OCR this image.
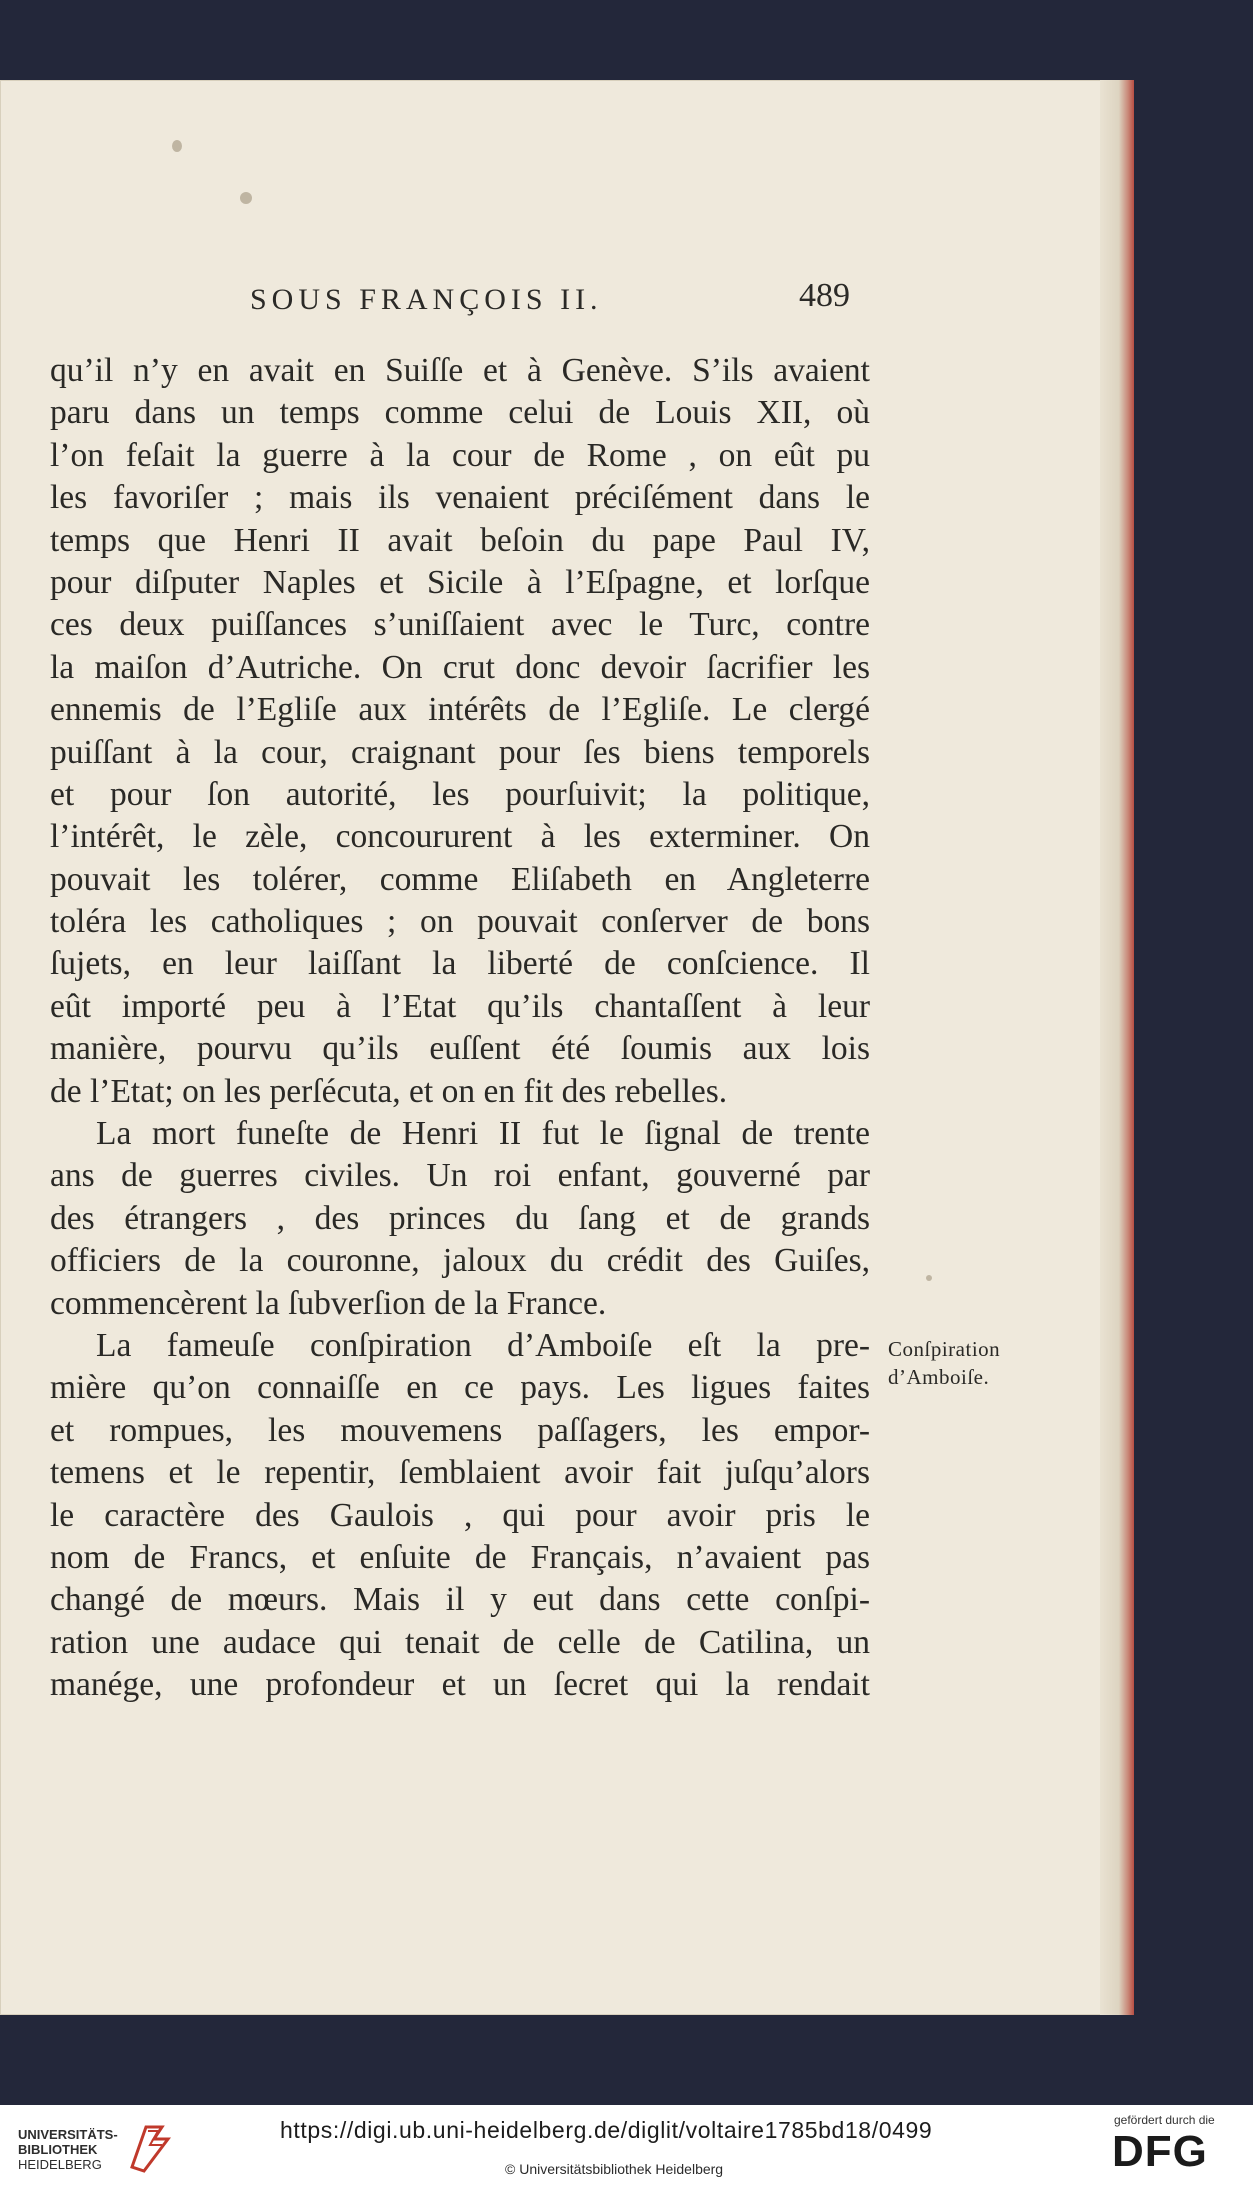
SOUS FRANÇOIS II.	489
qu’il n’y en avait en Suiſſe et à Genève. S’ils avaient
paru dans un temps comme celui de Louis XII, où
l’on feſait la guerre à la cour de Rome , on eût pu
les favoriſer ; mais ils venaient préciſément dans le
temps que Henri II avait beſoin du pape Paul IV,
pour diſputer Naples et Sicile à l’Eſpagne, et lorſque
ces deux puiſſances s’uniſſaient avec le Turc, contre
la maiſon d’Autriche. On crut donc devoir ſacrifier les
ennemis de l’Egliſe aux intérêts de l’Egliſe. Le clergé
puiſſant à la cour, craignant pour ſes biens temporels
et pour ſon autorité, les pourſuivit; la politique,
l’intérêt, le zèle, concoururent à les exterminer. On
pouvait les tolérer, comme Eliſabeth en Angleterre
toléra les catholiques ; on pouvait conſerver de bons
ſujets, en leur laiſſant la liberté de conſcience. Il
eût importé peu à l’Etat qu’ils chantaſſent à leur
manière, pourvu qu’ils euſſent été ſoumis aux lois
de l’Etat; on les perſécuta, et on en fit des rebelles.
La mort funeſte de Henri II fut le ſignal de trente
ans de guerres civiles. Un roi enfant, gouverné par
des étrangers , des princes du ſang et de grands
officiers de la couronne, jaloux du crédit des Guiſes,
commencèrent la ſubverſion de la France.
La fameuſe conſpiration d’Amboiſe eſt la pre-
mière qu’on connaiſſe en ce pays. Les ligues faites
et rompues, les mouvemens paſſagers, les empor-
temens et le repentir, ſemblaient avoir fait juſqu’alors
le caractère des Gaulois , qui pour avoir pris le
nom de Francs, et enſuite de Français, n’avaient pas
changé de mœurs. Mais il y eut dans cette conſpi-
ration une audace qui tenait de celle de Catilina, un
manége, une profondeur et un ſecret qui la rendait
Conſpiration
d’Amboiſe.
UNIVERSITÄTS-
BIBLIOTHEK
HEIDELBERG
https://digi.ub.uni-heidelberg.de/diglit/voltaire1785bd18/0499
© Universitätsbibliothek Heidelberg
gefördert durch die
DFG
